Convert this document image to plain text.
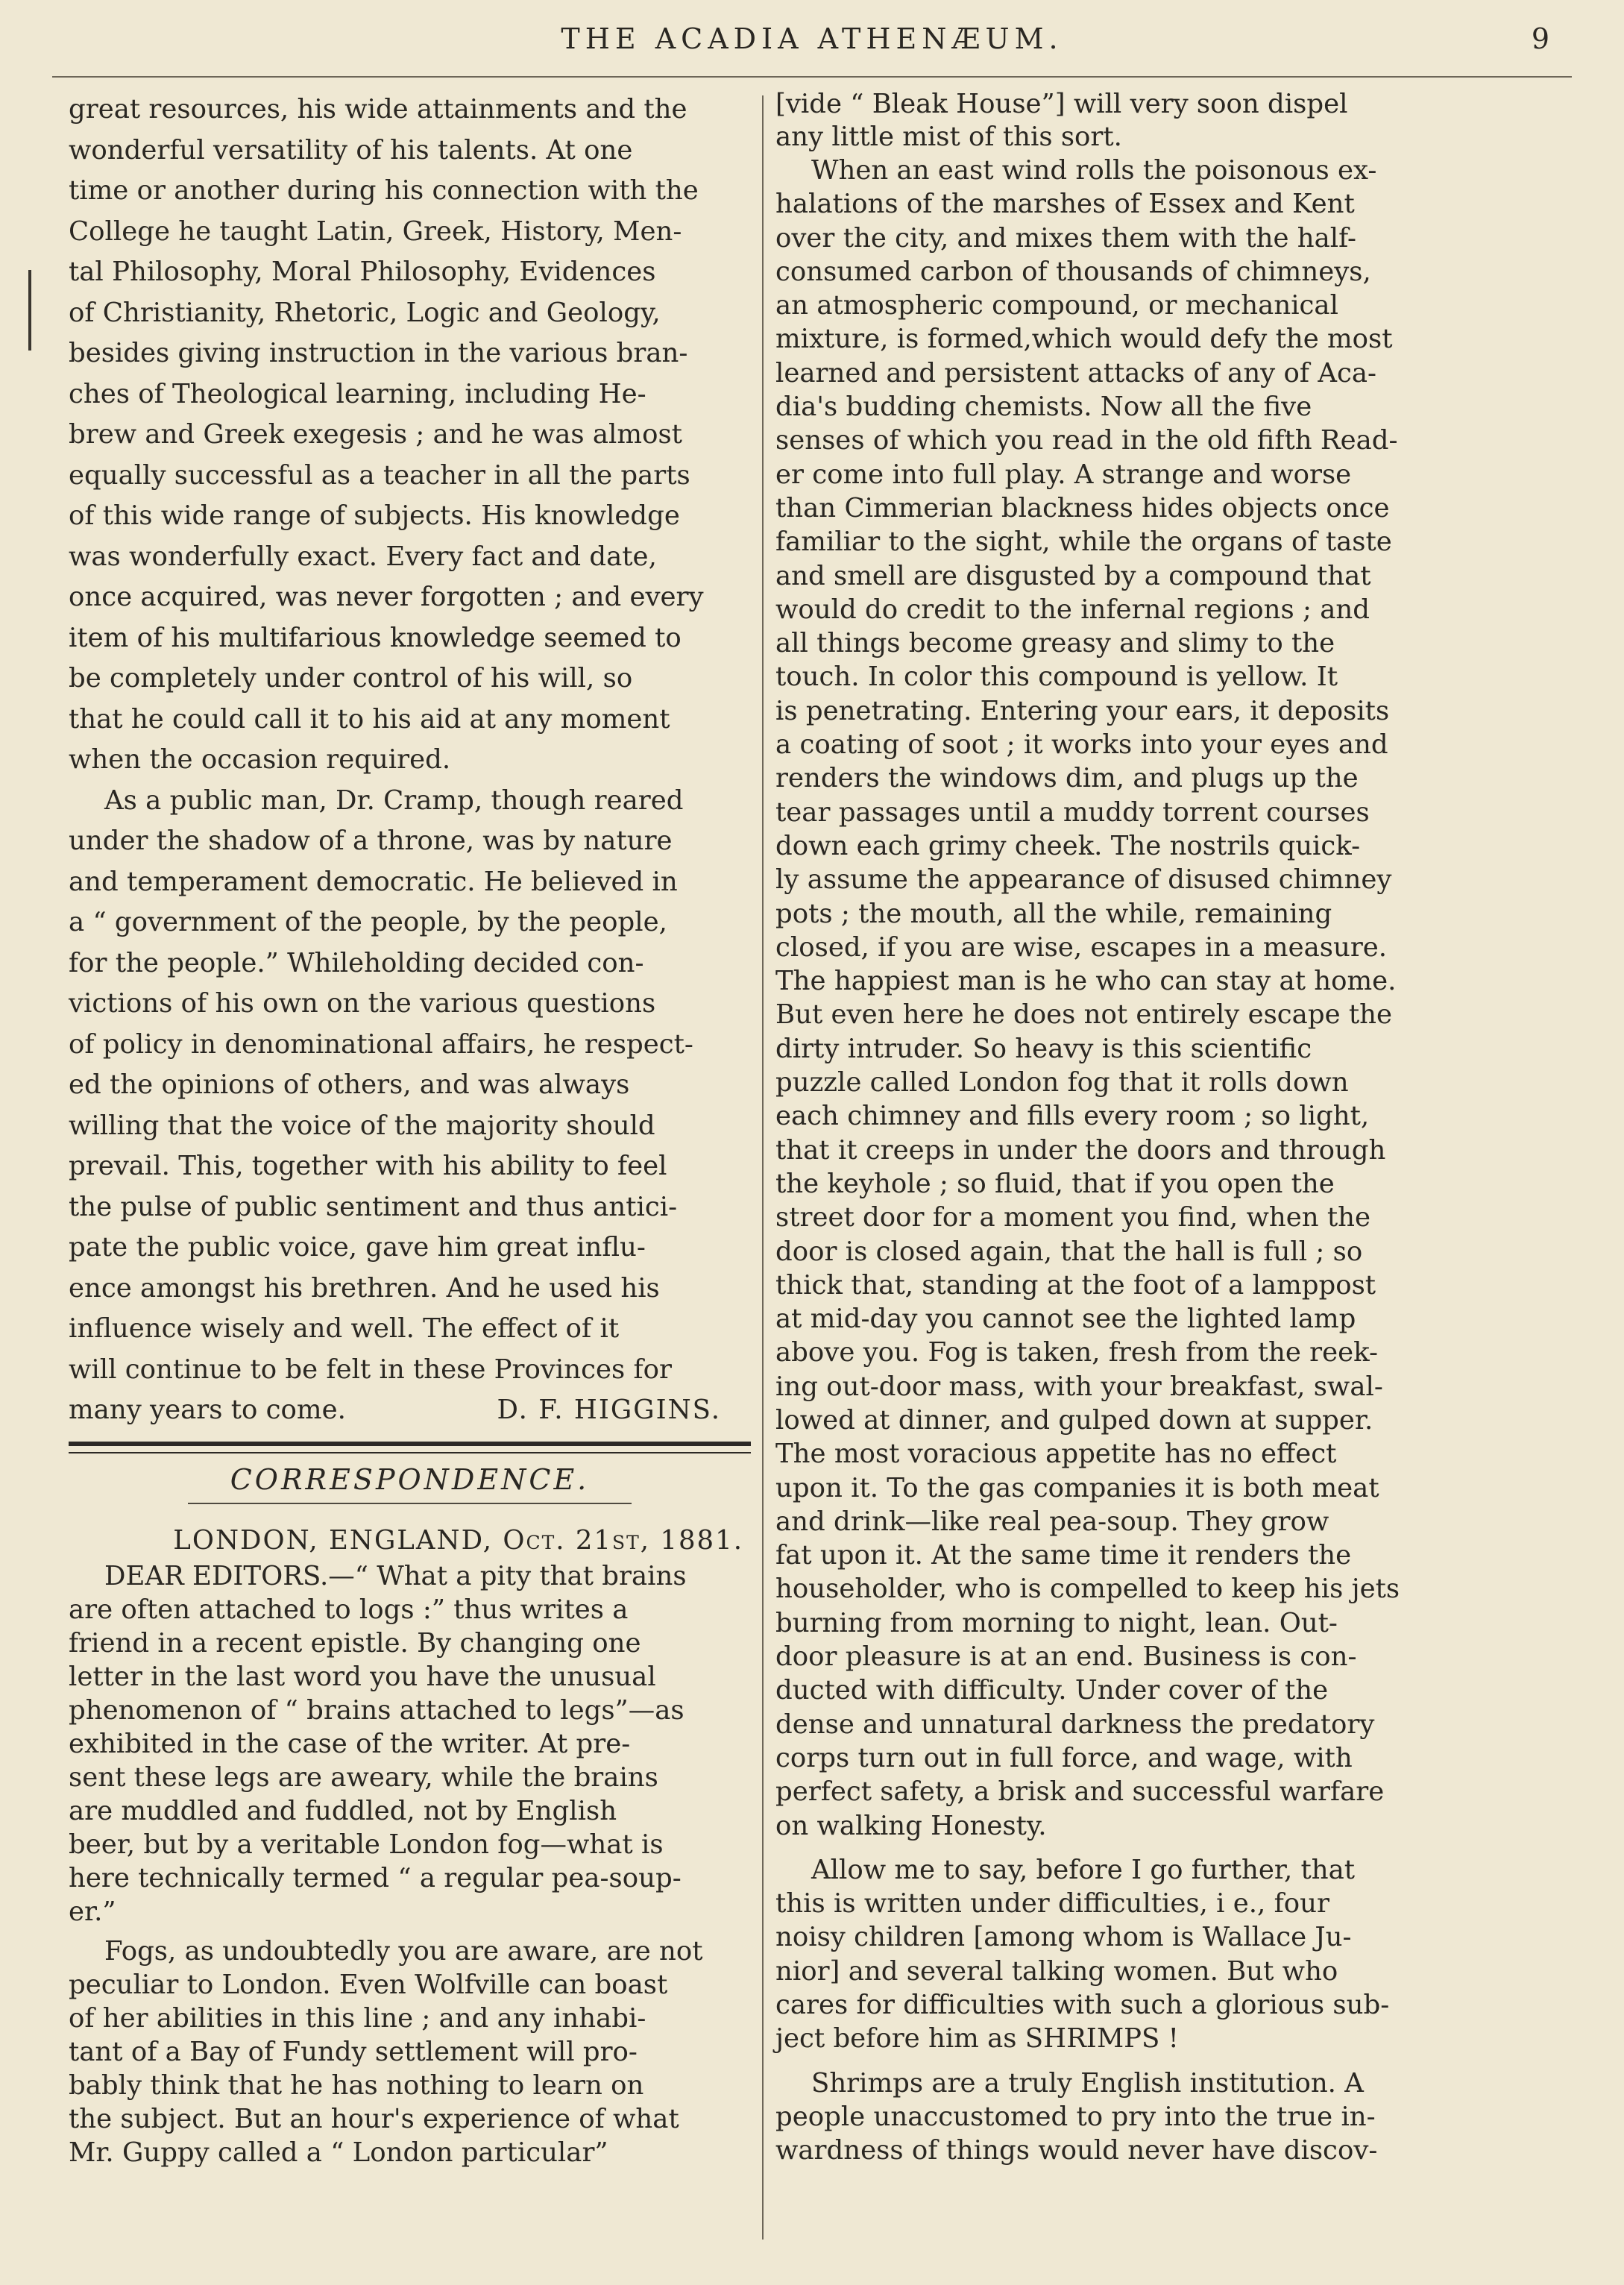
THE ACADIA ATHENÆUM.	9

great resources, his wide attainments and the

wonderful versatility of his talents. At one

time or another during his connection with the

College he taught Latin, Greek, History, Men-

tal Philosophy, Moral Philosophy, Evidences

of Christianity, Rhetoric, Logic and Geology,

besides giving instruction in the various bran-

ches of Theological learning, including He-

brew and Greek exegesis ; and he was almost

equally successful as a teacher in all the parts

of this wide range of subjects. His knowledge

was wonderfully exact. Every fact and date,

once acquired, was never forgotten ; and every

item of his multifarious knowledge seemed to

be completely under control of his will, so

that he could call it to his aid at any moment

when the occasion required.

As a public man, Dr. Cramp, though reared

under the shadow of a throne, was by nature

and temperament democratic. He believed in

a “ government of the people, by the people,

for the people.” Whileholding decided con-

victions of his own on the various questions

of policy in denominational affairs, he respect-

ed the opinions of others, and was always

willing that the voice of the majority should

prevail. This, together with his ability to feel

the pulse of public sentiment and thus antici-

pate the public voice, gave him great influ-

ence amongst his brethren. And he used his

influence wisely and well. The effect of it

will continue to be felt in these Provinces for

many years to come.	D. F. HIGGINS.
CORRESPONDENCE.
LONDON, ENGLAND, Oct. 21st, 1881.

DEAR EDITORS.—“ What a pity that brains

are often attached to logs :” thus writes a

friend in a recent epistle. By changing one

letter in the last word you have the unusual

phenomenon of “ brains attached to legs”—as

exhibited in the case of the writer. At pre-

sent these legs are aweary, while the brains

are muddled and fuddled, not by English

beer, but by a veritable London fog—what is

here technically termed “ a regular pea-soup-

er.”

Fogs, as undoubtedly you are aware, are not

peculiar to London. Even Wolfville can boast

of her abilities in this line ; and any inhabi-

tant of a Bay of Fundy settlement will pro-

bably think that he has nothing to learn on

the subject. But an hour's experience of what

Mr. Guppy called a “ London particular”

[vide “ Bleak House”] will very soon dispel

any little mist of this sort.

When an east wind rolls the poisonous ex-

halations of the marshes of Essex and Kent

over the city, and mixes them with the half-

consumed carbon of thousands of chimneys,

an atmospheric compound, or mechanical

mixture, is formed,which would defy the most

learned and persistent attacks of any of Aca-

dia's budding chemists. Now all the five

senses of which you read in the old fifth Read-

er come into full play. A strange and worse

than Cimmerian blackness hides objects once

familiar to the sight, while the organs of taste

and smell are disgusted by a compound that

would do credit to the infernal regions ; and

all things become greasy and slimy to the

touch. In color this compound is yellow. It

is penetrating. Entering your ears, it deposits

a coating of soot ; it works into your eyes and

renders the windows dim, and plugs up the

tear passages until a muddy torrent courses

down each grimy cheek. The nostrils quick-

ly assume the appearance of disused chimney

pots ; the mouth, all the while, remaining

closed, if you are wise, escapes in a measure.

The happiest man is he who can stay at home.

But even here he does not entirely escape the

dirty intruder. So heavy is this scientific

puzzle called London fog that it rolls down

each chimney and fills every room ; so light,

that it creeps in under the doors and through

the keyhole ; so fluid, that if you open the

street door for a moment you find, when the

door is closed again, that the hall is full ; so

thick that, standing at the foot of a lamppost

at mid-day you cannot see the lighted lamp

above you. Fog is taken, fresh from the reek-

ing out-door mass, with your breakfast, swal-

lowed at dinner, and gulped down at supper.

The most voracious appetite has no effect

upon it. To the gas companies it is both meat

and drink—like real pea-soup. They grow

fat upon it. At the same time it renders the

householder, who is compelled to keep his jets

burning from morning to night, lean. Out-

door pleasure is at an end. Business is con-

ducted with difficulty. Under cover of the

dense and unnatural darkness the predatory

corps turn out in full force, and wage, with

perfect safety, a brisk and successful warfare

on walking Honesty.

Allow me to say, before I go further, that

this is written under difficulties, i e., four

noisy children [among whom is Wallace Ju-

nior] and several talking women. But who

cares for difficulties with such a glorious sub-

ject before him as SHRIMPS !

Shrimps are a truly English institution. A

people unaccustomed to pry into the true in-

wardness of things would never have discov-
